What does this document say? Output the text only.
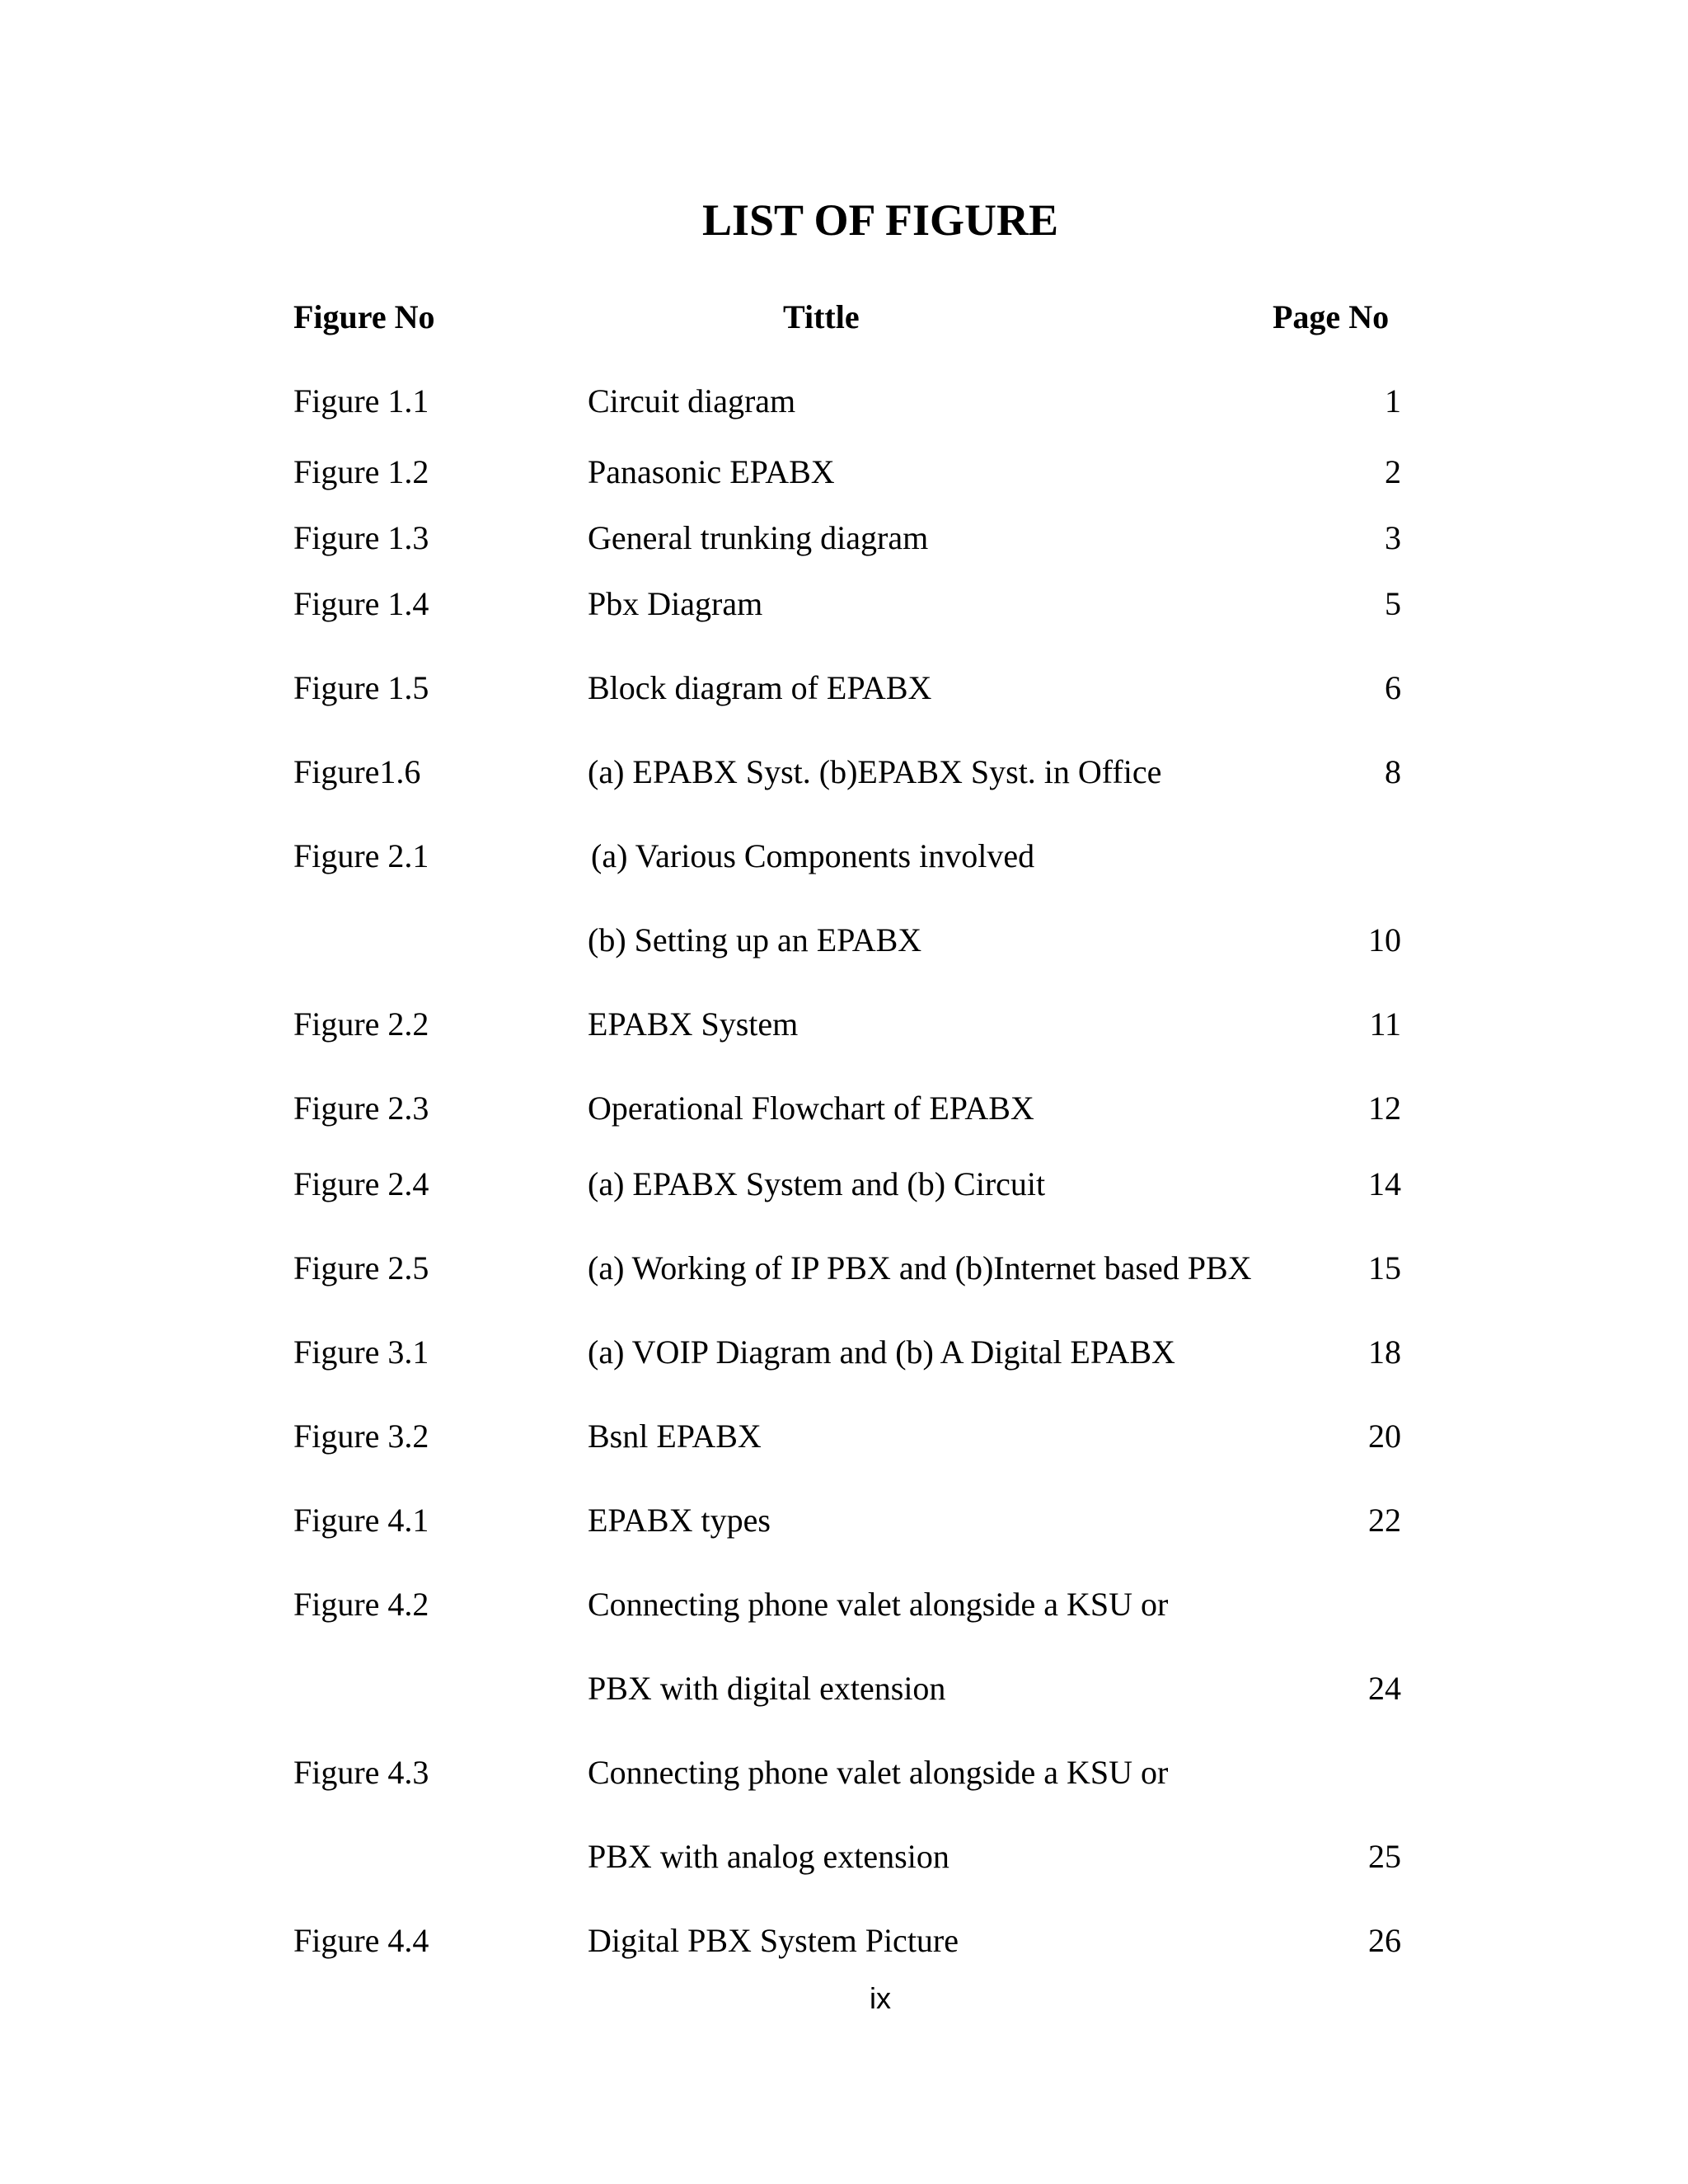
LIST OF FIGURE
Figure No	Tittle	Page No
Figure 1.1	Circuit diagram	1
Figure 1.2	Panasonic EPABX	2
Figure 1.3	General trunking diagram	3
Figure 1.4	Pbx Diagram	5
Figure 1.5	Block diagram of EPABX	6
Figure1.6	(a) EPABX Syst. (b)EPABX Syst. in Office	8
Figure 2.1	(a) Various Components involved
(b) Setting up an EPABX	10
Figure 2.2	EPABX System	11
Figure 2.3	Operational Flowchart of EPABX	12
Figure 2.4	(a) EPABX System and (b) Circuit	14
Figure 2.5	(a) Working of IP PBX and (b)Internet based PBX	15
Figure 3.1	(a) VOIP Diagram and (b) A Digital EPABX	18
Figure 3.2	Bsnl EPABX	20
Figure 4.1	EPABX types	22
Figure 4.2	Connecting phone valet alongside a KSU or
PBX with digital extension	24
Figure 4.3	Connecting phone valet alongside a KSU or
PBX with analog extension	25
Figure 4.4	Digital PBX System Picture	26
ix
